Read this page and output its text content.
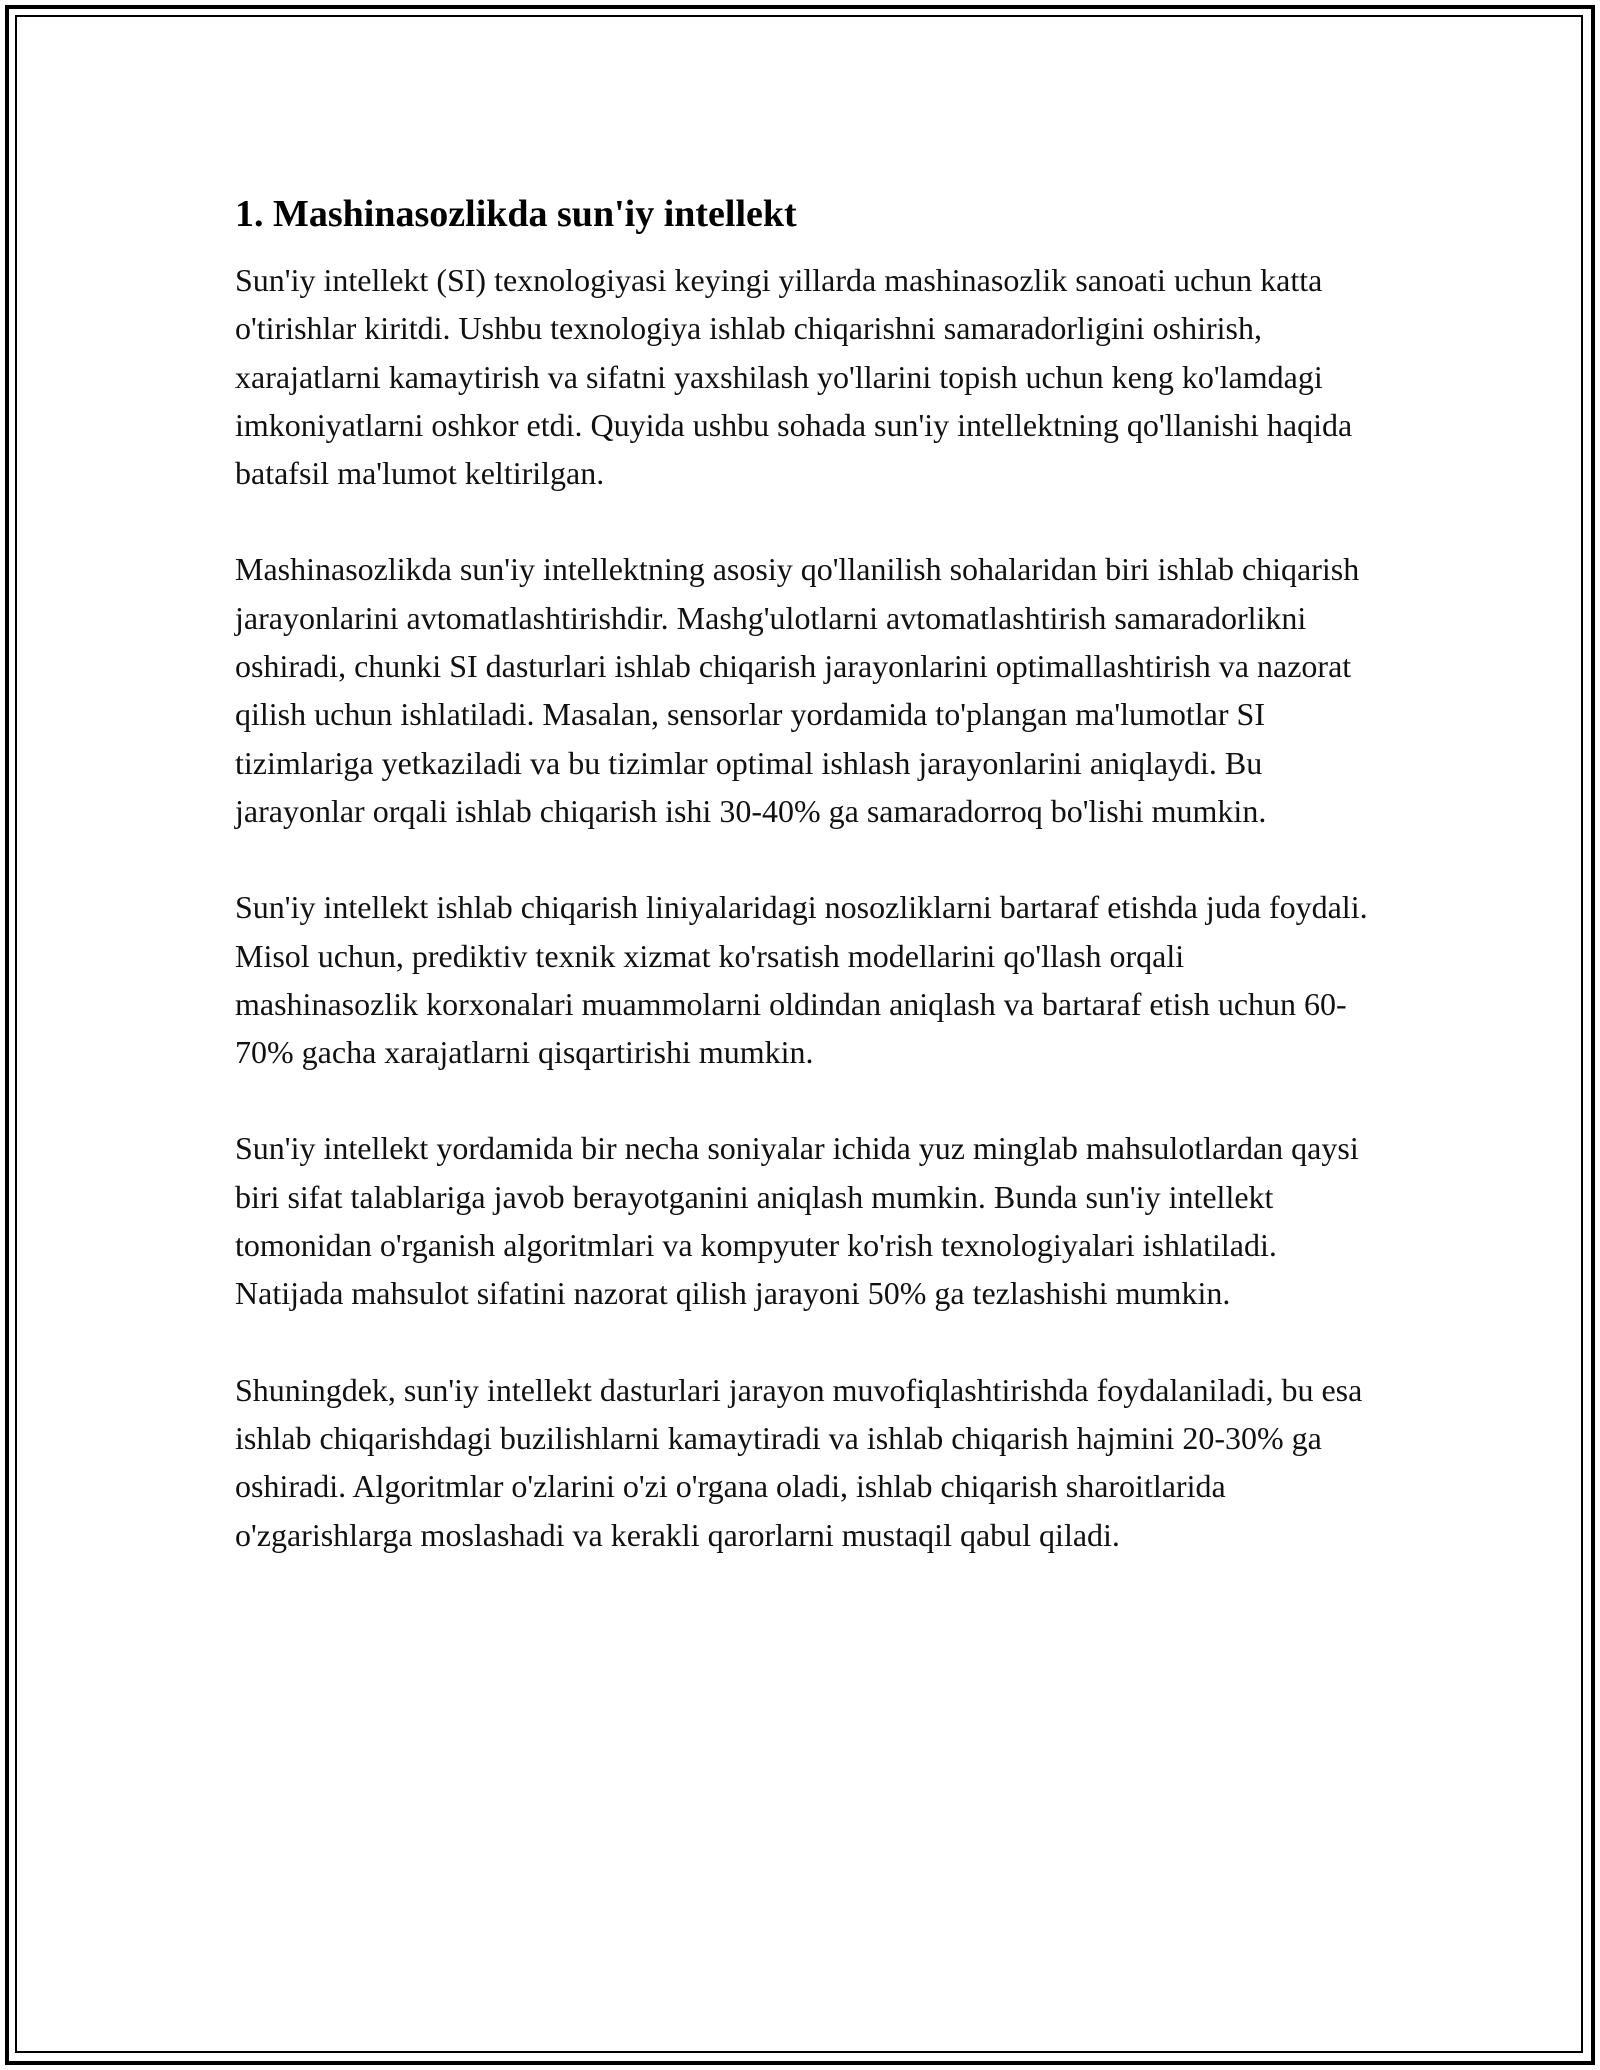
1. Mashinasozlikda sun'iy intellekt

Sun'iy intellekt (SI) texnologiyasi keyingi yillarda mashinasozlik sanoati uchun katta o'tirishlar kiritdi. Ushbu texnologiya ishlab chiqarishni samaradorligini oshirish, xarajatlarni kamaytirish va sifatni yaxshilash yo'llarini topish uchun keng ko'lamdagi imkoniyatlarni oshkor etdi. Quyida ushbu sohada sun'iy intellektning qo'llanishi haqida batafsil ma'lumot keltirilgan.

Mashinasozlikda sun'iy intellektning asosiy qo'llanilish sohalaridan biri ishlab chiqarish jarayonlarini avtomatlashtirishdir. Mashg'ulotlarni avtomatlashtirish samaradorlikni oshiradi, chunki SI dasturlari ishlab chiqarish jarayonlarini optimallashtirish va nazorat qilish uchun ishlatiladi. Masalan, sensorlar yordamida to'plangan ma'lumotlar SI tizimlariga yetkaziladi va bu tizimlar optimal ishlash jarayonlarini aniqlaydi. Bu jarayonlar orqali ishlab chiqarish ishi 30-40% ga samaradorroq bo'lishi mumkin.

Sun'iy intellekt ishlab chiqarish liniyalaridagi nosozliklarni bartaraf etishda juda foydali. Misol uchun, prediktiv texnik xizmat ko'rsatish modellarini qo'llash orqali mashinasozlik korxonalari muammolarni oldindan aniqlash va bartaraf etish uchun 60-70% gacha xarajatlarni qisqartirishi mumkin.

Sun'iy intellekt yordamida bir necha soniyalar ichida yuz minglab mahsulotlardan qaysi biri sifat talablariga javob berayotganini aniqlash mumkin. Bunda sun'iy intellekt tomonidan o'rganish algoritmlari va kompyuter ko'rish texnologiyalari ishlatiladi. Natijada mahsulot sifatini nazorat qilish jarayoni 50% ga tezlashishi mumkin.

Shuningdek, sun'iy intellekt dasturlari jarayon muvofiqlashtirishda foydalaniladi, bu esa ishlab chiqarishdagi buzilishlarni kamaytiradi va ishlab chiqarish hajmini 20-30% ga oshiradi. Algoritmlar o'zlarini o'zi o'rgana oladi, ishlab chiqarish sharoitlarida o'zgarishlarga moslashadi va kerakli qarorlarni mustaqil qabul qiladi.
